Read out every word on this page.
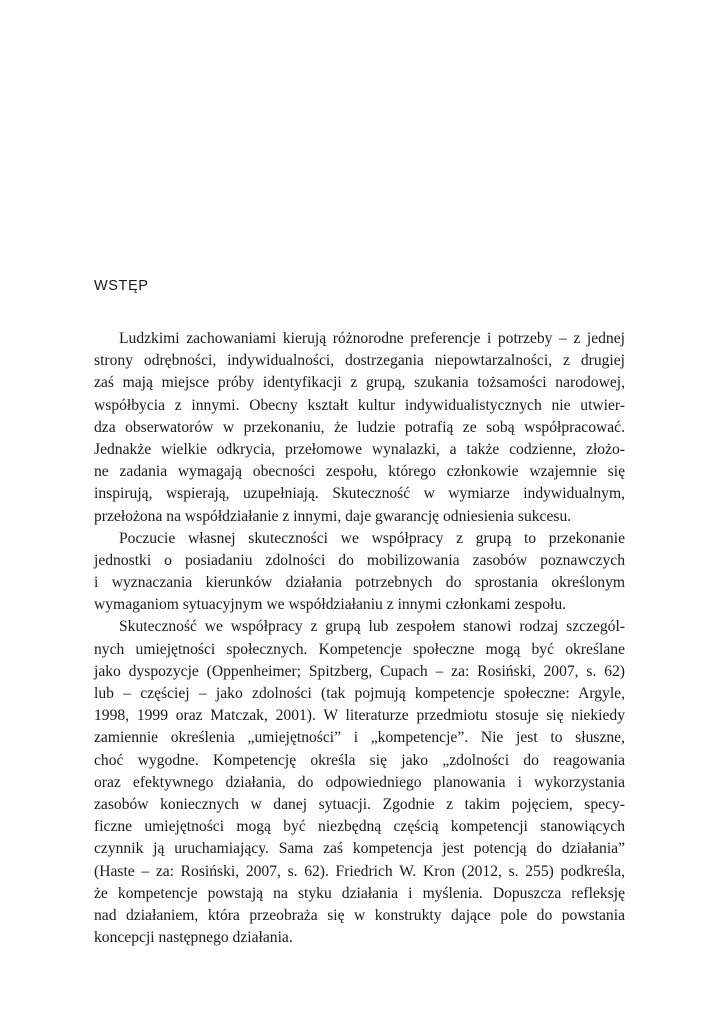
WSTĘP
Ludzkimi zachowaniami kierują różnorodne preferencje i potrzeby – z jednej
strony odrębności, indywidualności, dostrzegania niepowtarzalności, z drugiej
zaś mają miejsce próby identyfikacji z grupą, szukania tożsamości narodowej,
współbycia z innymi. Obecny kształt kultur indywidualistycznych nie utwier-
dza obserwatorów w przekonaniu, że ludzie potrafią ze sobą współpracować.
Jednakże wielkie odkrycia, przełomowe wynalazki, a także codzienne, złożo-
ne zadania wymagają obecności zespołu, którego członkowie wzajemnie się
inspirują, wspierają, uzupełniają. Skuteczność w wymiarze indywidualnym,
przełożona na współdziałanie z innymi, daje gwarancję odniesienia sukcesu.
Poczucie własnej skuteczności we współpracy z grupą to przekonanie
jednostki o posiadaniu zdolności do mobilizowania zasobów poznawczych
i wyznaczania kierunków działania potrzebnych do sprostania określonym
wymaganiom sytuacyjnym we współdziałaniu z innymi członkami zespołu.
Skuteczność we współpracy z grupą lub zespołem stanowi rodzaj szczegól-
nych umiejętności społecznych. Kompetencje społeczne mogą być określane
jako dyspozycje (Oppenheimer; Spitzberg, Cupach – za: Rosiński, 2007, s. 62)
lub – częściej – jako zdolności (tak pojmują kompetencje społeczne: Argyle,
1998, 1999 oraz Matczak, 2001). W literaturze przedmiotu stosuje się niekiedy
zamiennie określenia „umiejętności” i „kompetencje”. Nie jest to słuszne,
choć wygodne. Kompetencję określa się jako „zdolności do reagowania
oraz efektywnego działania, do odpowiedniego planowania i wykorzystania
zasobów koniecznych w danej sytuacji. Zgodnie z takim pojęciem, specy-
ficzne umiejętności mogą być niezbędną częścią kompetencji stanowiących
czynnik ją uruchamiający. Sama zaś kompetencja jest potencją do działania”
(Haste – za: Rosiński, 2007, s. 62). Friedrich W. Kron (2012, s. 255) podkreśla,
że kompetencje powstają na styku działania i myślenia. Dopuszcza refleksję
nad działaniem, która przeobraża się w konstrukty dające pole do powstania
koncepcji następnego działania.
